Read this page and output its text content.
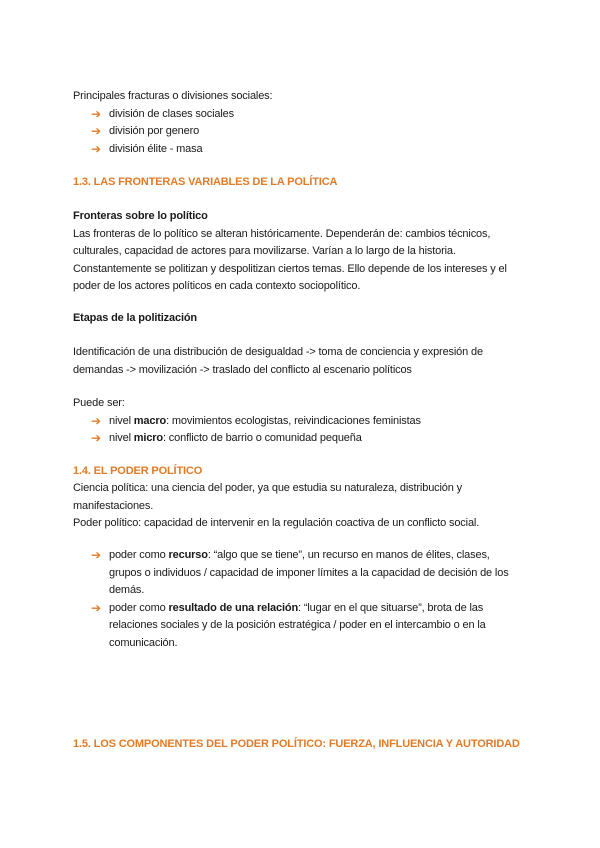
Principales fracturas o divisiones sociales:

➔ división de clases sociales
➔ división por genero
➔ división élite - masa
1.3. LAS FRONTERAS VARIABLES DE LA POLÍTICA

Fronteras sobre lo político

Las fronteras de lo político se alteran históricamente. Dependerán de: cambios técnicos,

culturales, capacidad de actores para movilizarse. Varían a lo largo de la historia.

Constantemente se politizan y despolitizan ciertos temas. Ello depende de los intereses y el

poder de los actores políticos en cada contexto sociopolítico.

Etapas de la politización

Identificación de una distribución de desigualdad -> toma de conciencia y expresión de

demandas -> movilización -> traslado del conflicto al escenario políticos

Puede ser:

➔ nivel macro: movimientos ecologistas, reivindicaciones feministas
➔ nivel micro: conflicto de barrio o comunidad pequeña
1.4. EL PODER POLÍTICO

Ciencia política: una ciencia del poder, ya que estudia su naturaleza, distribución y

manifestaciones.

Poder político: capacidad de intervenir en la regulación coactiva de un conflicto social.

➔ poder como recurso: “algo que se tiene”, un recurso en manos de élites, clases,
grupos o individuos / capacidad de imponer límites a la capacidad de decisión de los
demás.
➔ poder como resultado de una relación: “lugar en el que situarse”, brota de las
relaciones sociales y de la posición estratégica / poder en el intercambio o en la
comunicación.
1.5. LOS COMPONENTES DEL PODER POLÍTICO: FUERZA, INFLUENCIA Y AUTORIDAD
